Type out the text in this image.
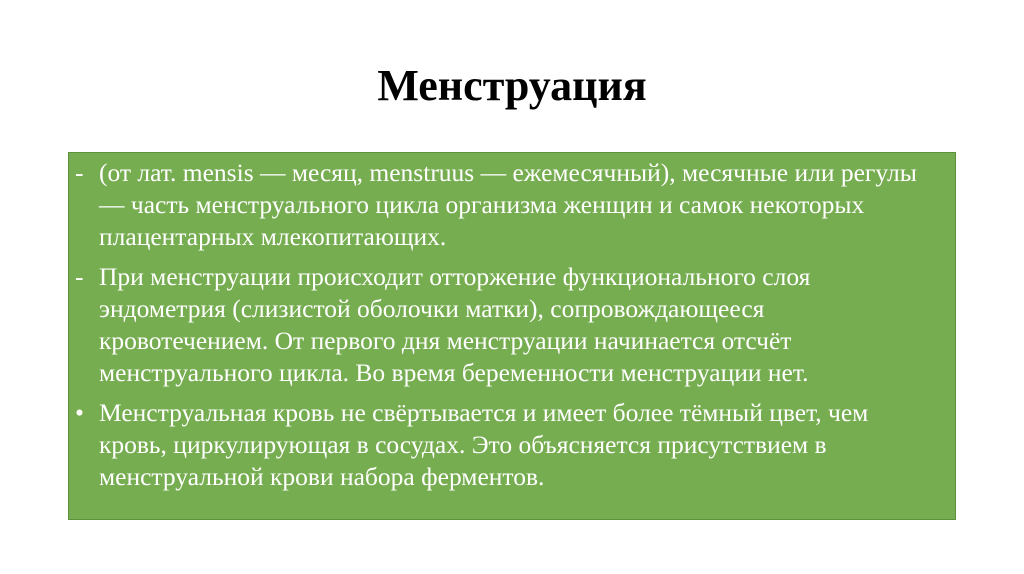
Менструация
- (от лат. mensis — месяц, menstruus — ежемесячный), месячные или регулы — часть менструального цикла организма женщин и самок некоторых плацентарных млекопитающих.

- При менструации происходит отторжение функционального слоя эндометрия (слизистой оболочки матки), сопровождающееся кровотечением. От первого дня менструации начинается отсчёт менструального цикла. Во время беременности менструации нет.

• Менструальная кровь не свёртывается и имеет более тёмный цвет, чем кровь, циркулирующая в сосудах. Это объясняется присутствием в менструальной крови набора ферментов.
